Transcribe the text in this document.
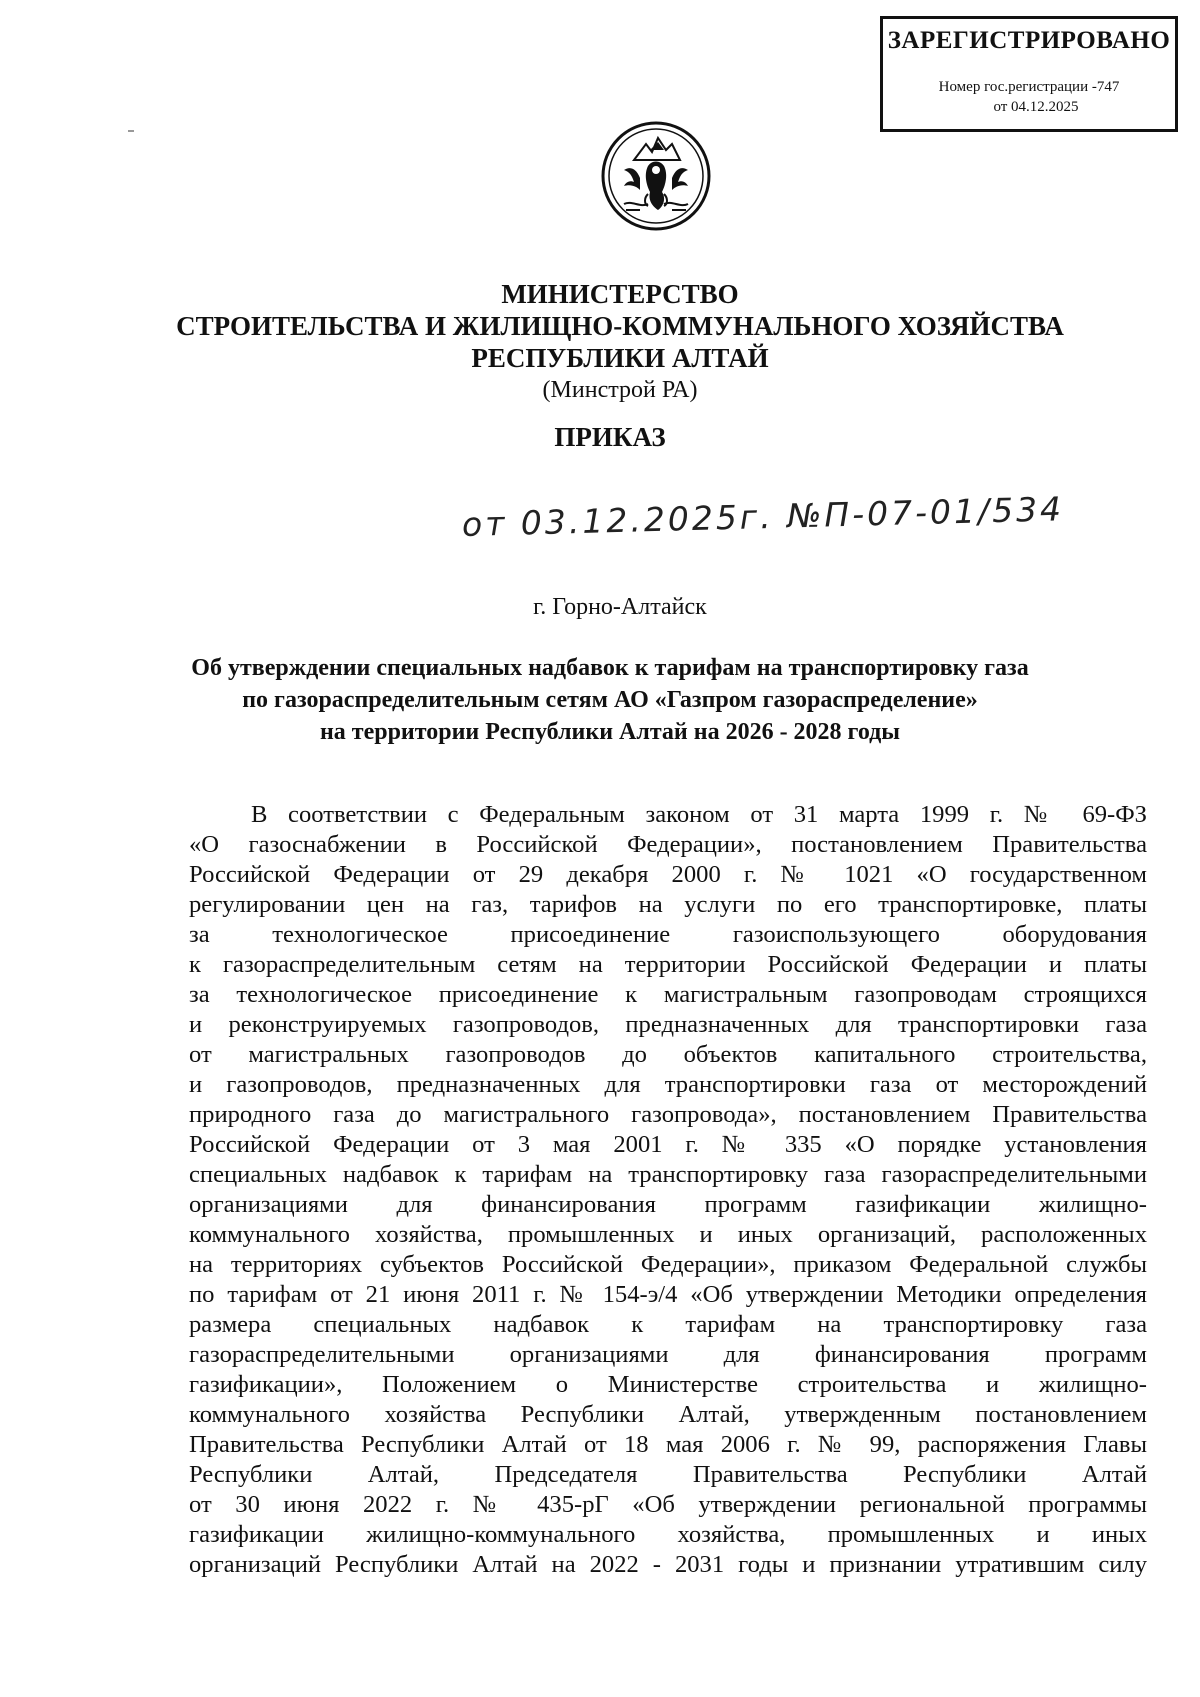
ЗАРЕГИСТРИРОВАНО
Номер гос.регистрации -747
от 04.12.2025
МИНИСТЕРСТВО
СТРОИТЕЛЬСТВА И ЖИЛИЩНО-КОММУНАЛЬНОГО ХОЗЯЙСТВА
РЕСПУБЛИКИ АЛТАЙ
(Минстрой РА)
ПРИКАЗ
от 03.12.2025г. №П-07-01/534
г. Горно-Алтайск
Об утверждении специальных надбавок к тарифам на транспортировку газа
по газораспределительным сетям АО «Газпром газораспределение»
на территории Республики Алтай на 2026 - 2028 годы
В соответствии с Федеральным законом от 31 марта 1999 г. № 69-ФЗ
«О газоснабжении в Российской Федерации», постановлением Правительства
Российской Федерации от 29 декабря 2000 г. № 1021 «О государственном
регулировании цен на газ, тарифов на услуги по его транспортировке, платы
за технологическое присоединение газоиспользующего оборудования
к газораспределительным сетям на территории Российской Федерации и платы
за технологическое присоединение к магистральным газопроводам строящихся
и реконструируемых газопроводов, предназначенных для транспортировки газа
от магистральных газопроводов до объектов капитального строительства,
и газопроводов, предназначенных для транспортировки газа от месторождений
природного газа до магистрального газопровода», постановлением Правительства
Российской Федерации от 3 мая 2001 г. № 335 «О порядке установления
специальных надбавок к тарифам на транспортировку газа газораспределительными
организациями для финансирования программ газификации жилищно-
коммунального хозяйства, промышленных и иных организаций, расположенных
на территориях субъектов Российской Федерации», приказом Федеральной службы
по тарифам от 21 июня 2011 г. № 154-э/4 «Об утверждении Методики определения
размера специальных надбавок к тарифам на транспортировку газа
газораспределительными организациями для финансирования программ
газификации», Положением о Министерстве строительства и жилищно-
коммунального хозяйства Республики Алтай, утвержденным постановлением
Правительства Республики Алтай от 18 мая 2006 г. № 99, распоряжения Главы
Республики Алтай, Председателя Правительства Республики Алтай
от 30 июня 2022 г. № 435-рГ «Об утверждении региональной программы
газификации жилищно-коммунального хозяйства, промышленных и иных
организаций Республики Алтай на 2022 - 2031 годы и признании утратившим силу
